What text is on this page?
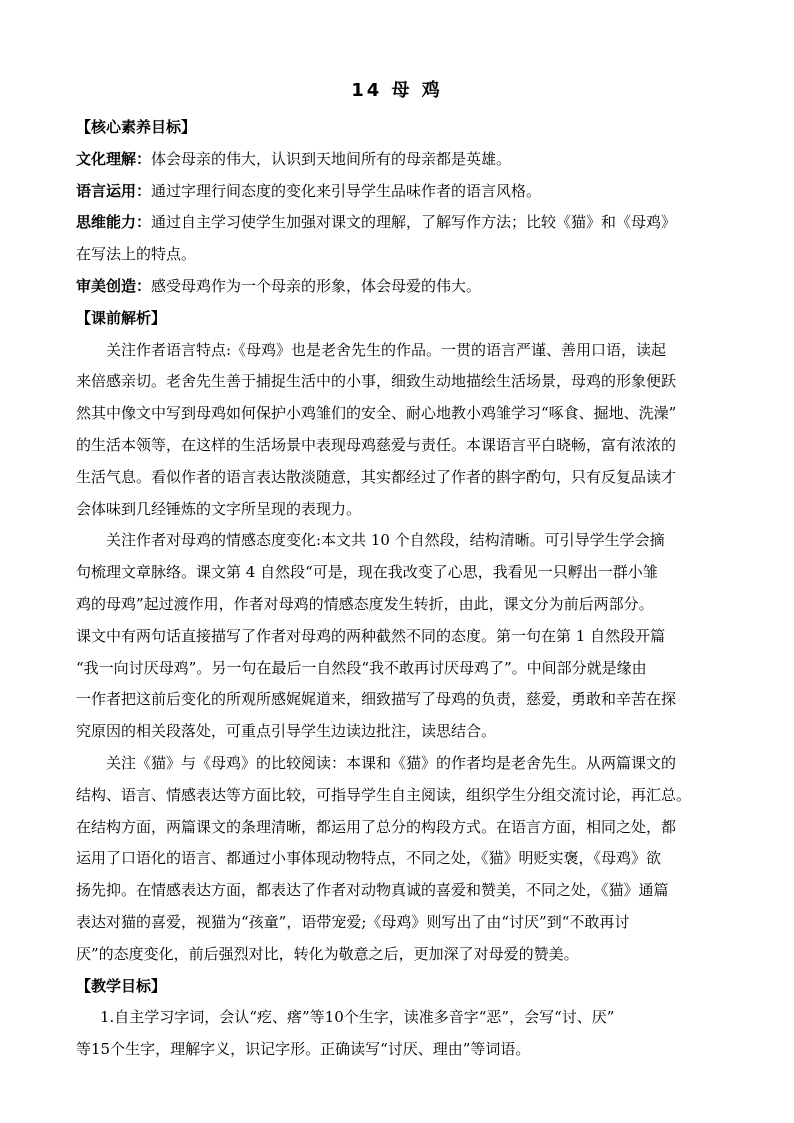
14 母 鸡
【核心素养目标】
文化理解：体会母亲的伟大，认识到天地间所有的母亲都是英雄。
语言运用：通过字理行间态度的变化来引导学生品味作者的语言风格。
思维能力：通过自主学习使学生加强对课文的理解，了解写作方法；比较《猫》和《母鸡》
在写法上的特点。
审美创造：感受母鸡作为一个母亲的形象，体会母爱的伟大。
【课前解析】
关注作者语言特点:《母鸡》也是老舍先生的作品。一贯的语言严谨、善用口语，读起
来倍感亲切。老舍先生善于捕捉生活中的小事，细致生动地描绘生活场景，母鸡的形象便跃
然其中像文中写到母鸡如何保护小鸡雏们的安全、耐心地教小鸡雏学习“啄食、掘地、洗澡”
的生活本领等，在这样的生活场景中表现母鸡慈爱与责任。本课语言平白晓畅，富有浓浓的
生活气息。看似作者的语言表达散淡随意，其实都经过了作者的斟字酌句，只有反复品读才
会体味到几经锤炼的文字所呈现的表现力。
关注作者对母鸡的情感态度变化:本文共 10 个自然段，结构清晰。可引导学生学会摘
句梳理文章脉络。课文第 4 自然段“可是，现在我改变了心思，我看见一只孵出一群小雏
鸡的母鸡”起过渡作用，作者对母鸡的情感态度发生转折，由此，课文分为前后两部分。
课文中有两句话直接描写了作者对母鸡的两种截然不同的态度。第一句在第 1 自然段开篇
“我一向讨厌母鸡”。另一句在最后一自然段“我不敢再讨厌母鸡了”。中间部分就是缘由
一作者把这前后变化的所观所感娓娓道来，细致描写了母鸡的负责，慈爱，勇敢和辛苦在探
究原因的相关段落处，可重点引导学生边读边批注，读思结合。
关注《猫》与《母鸡》的比较阅读：本课和《猫》的作者均是老舍先生。从两篇课文的
结构、语言、情感表达等方面比较，可指导学生自主阅读，组织学生分组交流讨论，再汇总。
在结构方面，两篇课文的条理清晰，都运用了总分的构段方式。在语言方面，相同之处，都
运用了口语化的语言、都通过小事体现动物特点，不同之处，《猫》明贬实褒，《母鸡》欲
扬先抑。在情感表达方面，都表达了作者对动物真诚的喜爱和赞美，不同之处，《猫》通篇
表达对猫的喜爱，视猫为“孩童”，语带宠爱;《母鸡》则写出了由“讨厌”到“不敢再讨
厌”的态度变化，前后强烈对比，转化为敬意之后，更加深了对母爱的赞美。
【教学目标】
1.自主学习字词，会认“疙、瘩”等10个生字，读准多音字“恶”，会写“讨、厌”
等15个生字，理解字义，识记字形。正确读写“讨厌、理由”等词语。
